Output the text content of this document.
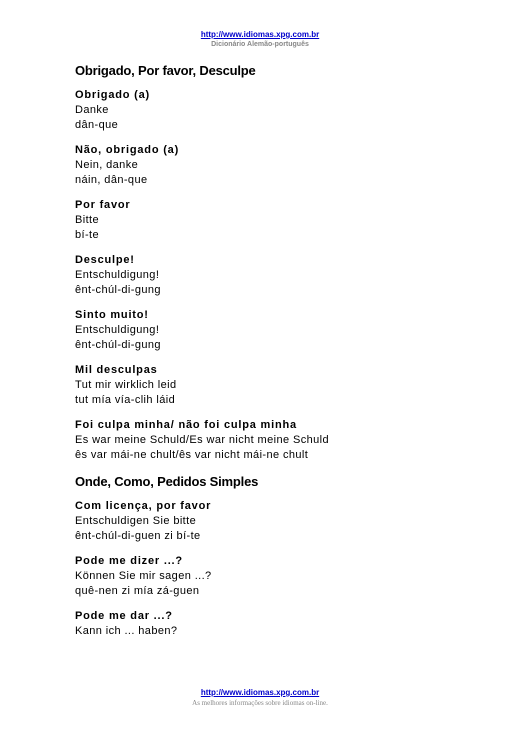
http://www.idiomas.xpg.com.br
Dicionário Alemão-português
Obrigado, Por favor, Desculpe
Obrigado (a)
Danke
dân-que
Não, obrigado (a)
Nein, danke
náin, dân-que
Por favor
Bitte
bí-te
Desculpe!
Entschuldigung!
ênt-chúl-di-gung
Sinto muito!
Entschuldigung!
ênt-chúl-di-gung
Mil desculpas
Tut mir wirklich leid
tut mía vía-clih láid
Foi culpa minha/ não foi culpa minha
Es war meine Schuld/Es war nicht meine Schuld
ês var mái-ne chult/ês var nicht mái-ne chult
Onde, Como, Pedidos Simples
Com licença, por favor
Entschuldigen Sie bitte
ênt-chúl-di-guen zi bí-te
Pode me dizer ...?
Können Sie mir sagen ...?
quê-nen zi mía zá-guen
Pode me dar ...?
Kann ich ... haben?
http://www.idiomas.xpg.com.br
As melhores informações sobre idiomas on-line.
